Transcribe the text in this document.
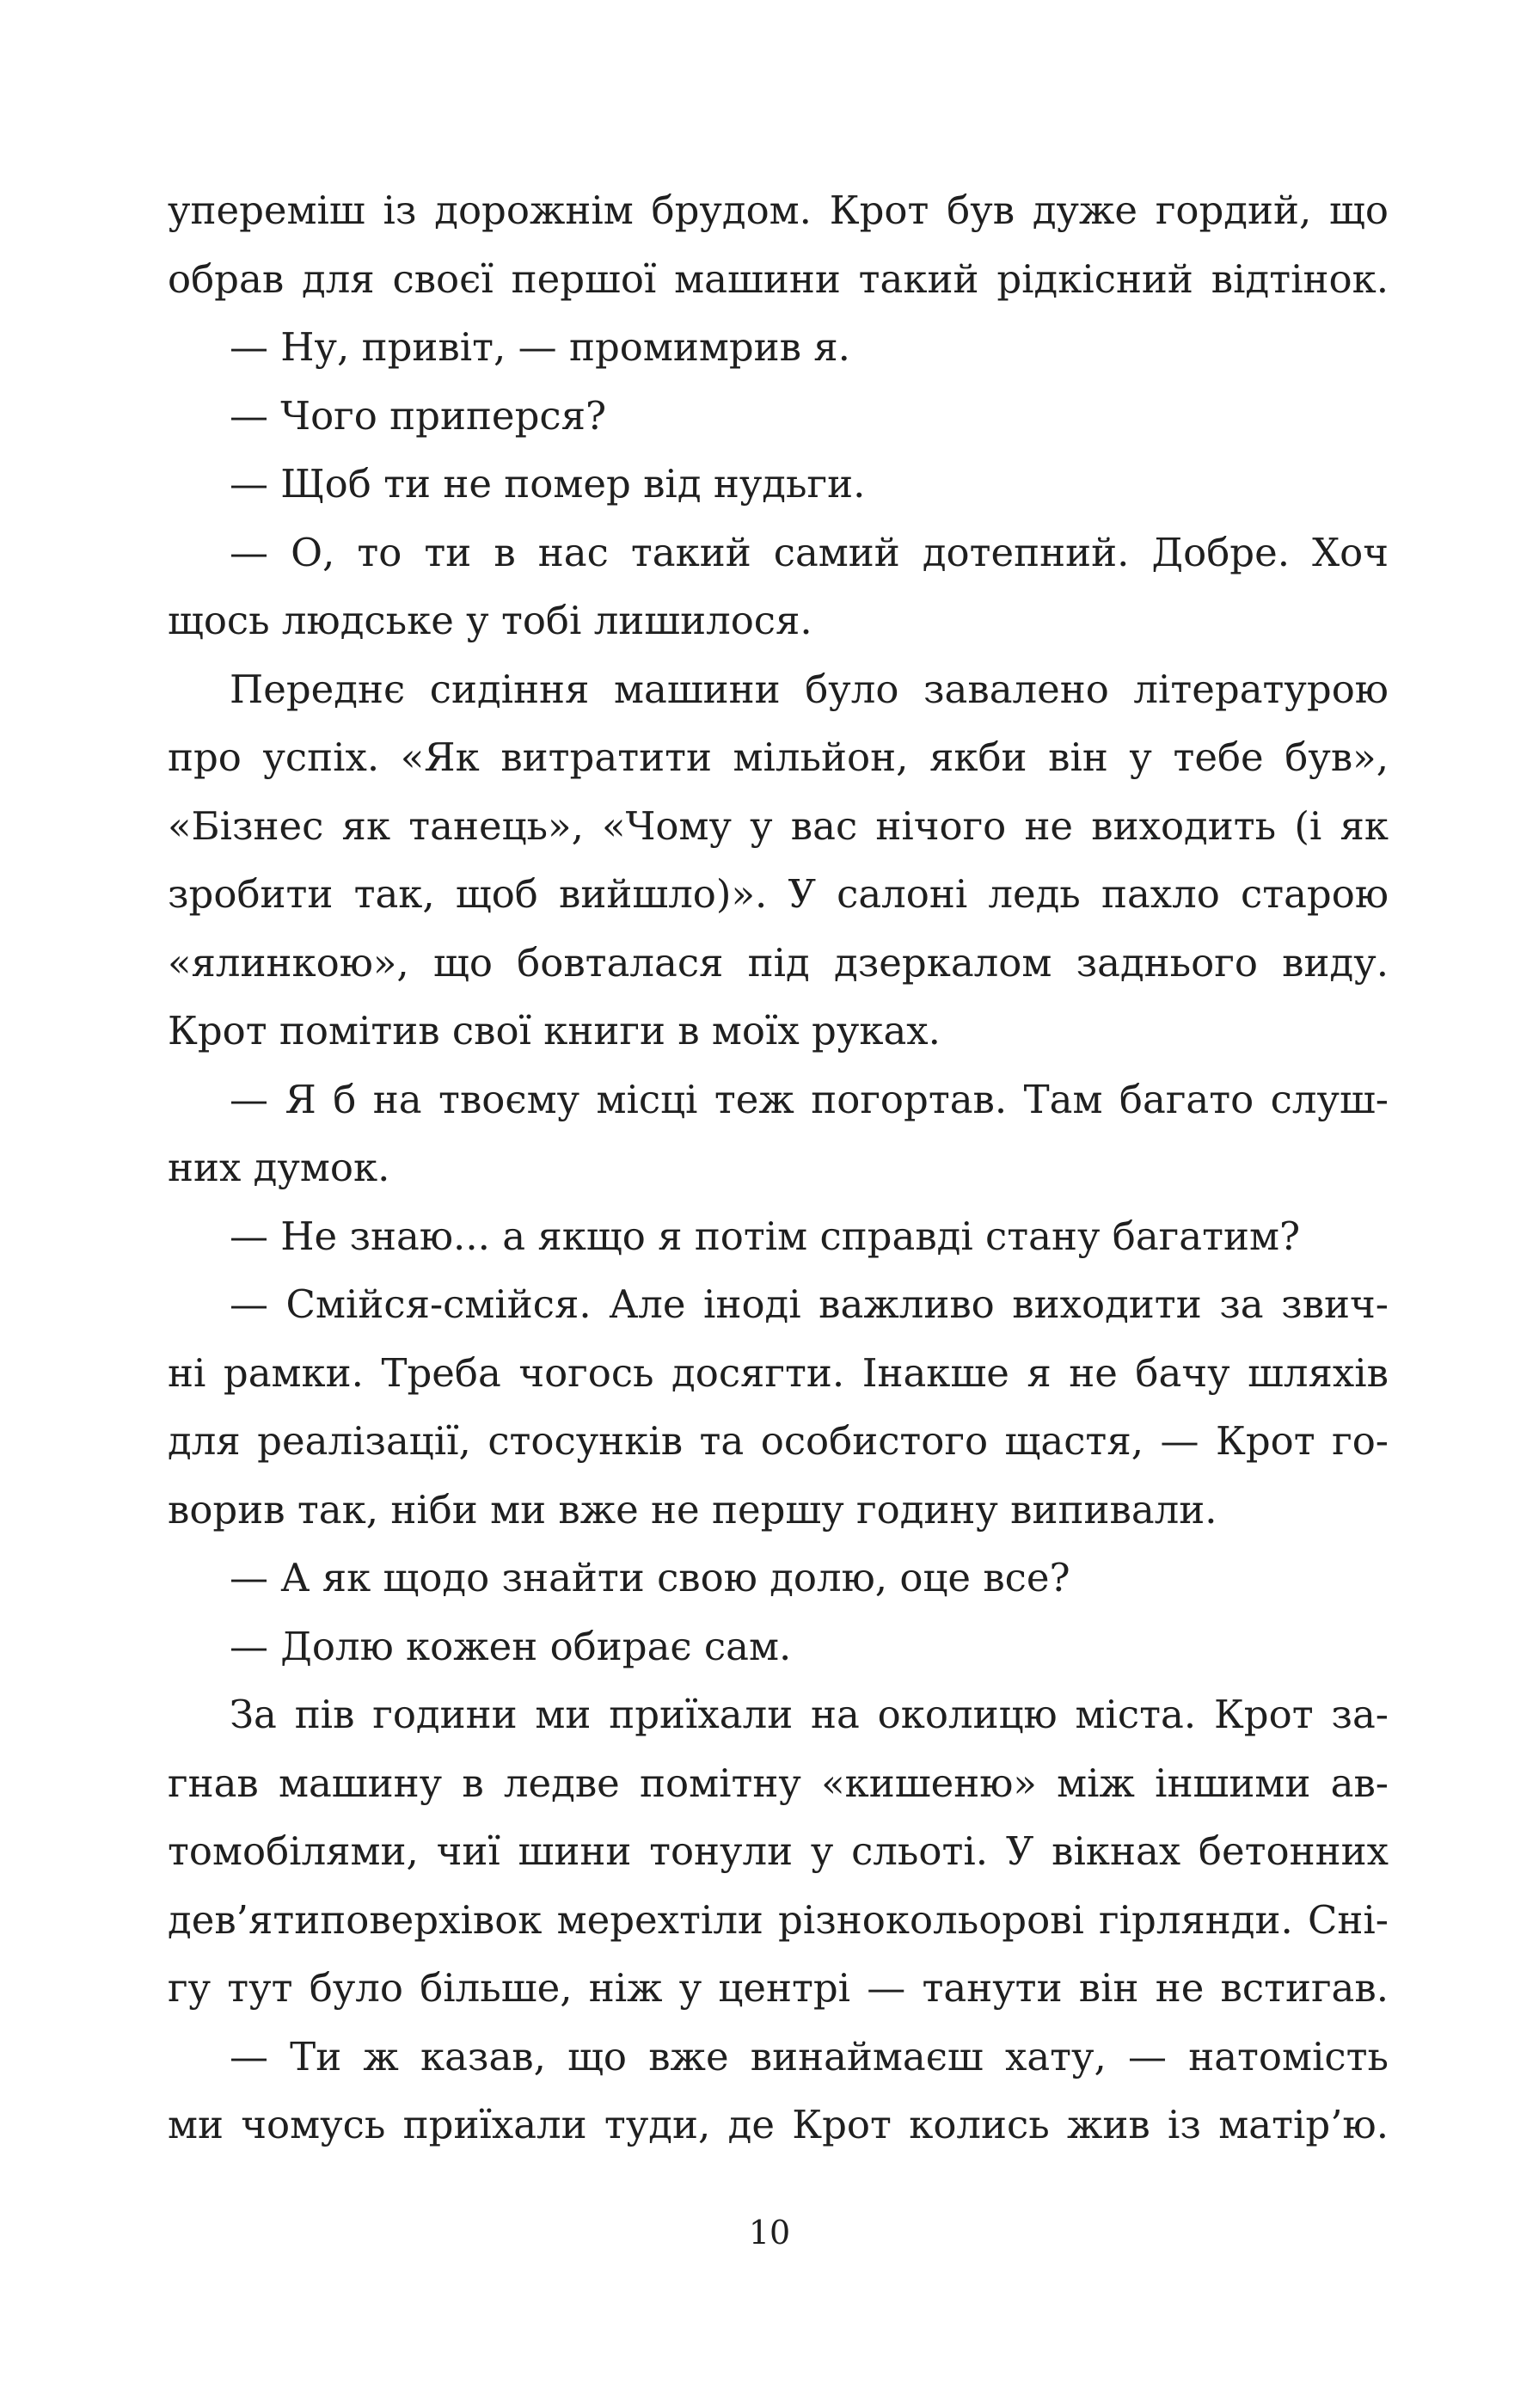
упереміш із дорожнім брудом. Крот був дуже гордий, що
обрав для своєї першої машини такий рідкісний відтінок.
— Ну, привіт, — промимрив я.
— Чого приперся?
— Щоб ти не помер від нудьги.
— О, то ти в нас такий самий дотепний. Добре. Хоч
щось людське у тобі лишилося.
Переднє сидіння машини було завалено літературою
про успіх. «Як витратити мільйон, якби він у тебе був»,
«Бізнес як танець», «Чому у вас нічого не виходить (і як
зробити так, щоб вийшло)». У салоні ледь пахло старою
«ялинкою», що бовталася під дзеркалом заднього виду.
Крот помітив свої книги в моїх руках.
— Я б на твоєму місці теж погортав. Там багато слуш-
них думок.
— Не знаю... а якщо я потім справді стану багатим?
— Смійся-смійся. Але іноді важливо виходити за звич-
ні рамки. Треба чогось досягти. Інакше я не бачу шляхів
для реалізації, стосунків та особистого щастя, — Крот го-
ворив так, ніби ми вже не першу годину випивали.
— А як щодо знайти свою долю, оце все?
— Долю кожен обирає сам.
За пів години ми приїхали на околицю міста. Крот за-
гнав машину в ледве помітну «кишеню» між іншими ав-
томобілями, чиї шини тонули у сльоті. У вікнах бетонних
дев’ятиповерхівок мерехтіли різнокольорові гірлянди. Сні-
гу тут було більше, ніж у центрі — танути він не встигав.
— Ти ж казав, що вже винаймаєш хату, — натомість
ми чомусь приїхали туди, де Крот колись жив із матір’ю.
10
